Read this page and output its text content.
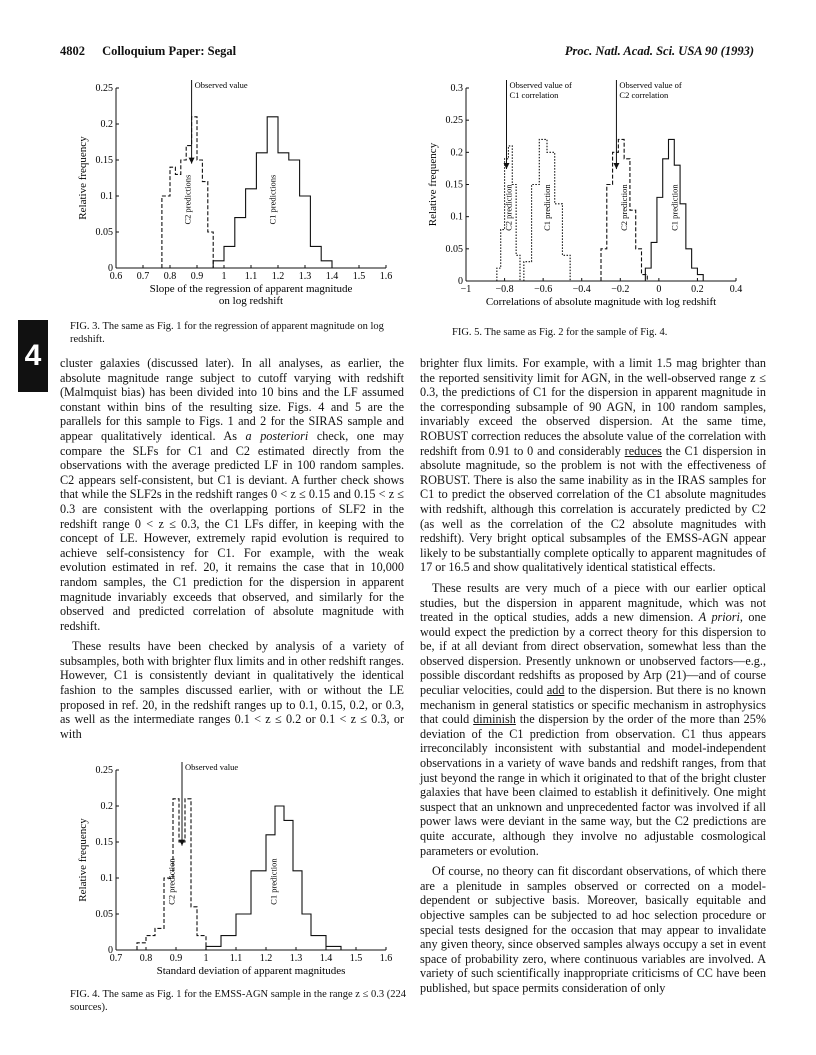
4802 Colloquium Paper: Segal	Proc. Natl. Acad. Sci. USA 90 (1993)
4
0.6 0.7 0.8 0.9 1 1.1 1.2 1.3 1.4 1.5 1.6
0
0.05
0.1
0.15
0.2
0.25
Relative frequency
Slope of the regression of apparent magnitude
on log redshift
C2 predictions	C1 predictions
Observed value
FIG. 3. The same as Fig. 1 for the regression of apparent magnitude on log redshift.
−1 −0.8 −0.6 −0.4 −0.2	0	0.2	0.4
0
0.05
0.1
0.15
0.2
0.25
0.3
Relative frequency
Correlations of absolute magnitude with log redshift
C2 prediction	C1 prediction	C2 prediction	C1 prediction
Observed value of
C1 correlation
Observed value of
C2 correlation
FIG. 5. The same as Fig. 2 for the sample of Fig. 4.
0.7 0.8 0.9 1 1.1 1.2 1.3 1.4 1.5 1.6
0
0.05
0.1
0.15
0.2
0.25
Relative frequency
Standard deviation of apparent magnitudes
C2 prediction	C1 prediction
Observed value
FIG. 4. The same as Fig. 1 for the EMSS-AGN sample in the range z ≤ 0.3 (224 sources).

cluster galaxies (discussed later). In all analyses, as earlier, the absolute magnitude range subject to cutoff varying with redshift (Malmquist bias) has been divided into 10 bins and the LF assumed constant within bins of the resulting size. Figs. 4 and 5 are the parallels for this sample to Figs. 1 and 2 for the SIRAS sample and appear qualitatively identical. As a posteriori check, one may compare the SLFs for C1 and C2 estimated directly from the observations with the average predicted LF in 100 random samples. C2 appears self-consistent, but C1 is deviant. A further check shows that while the SLF2s in the redshift ranges 0 < z ≤ 0.15 and 0.15 < z ≤ 0.3 are consistent with the overlapping portions of SLF2 in the redshift range 0 < z ≤ 0.3, the C1 LFs differ, in keeping with the concept of LE. However, extremely rapid evolution is required to achieve self-consistency for C1. For example, with the weak evolution estimated in ref. 20, it remains the case that in 10,000 random samples, the C1 prediction for the dispersion in apparent magnitude invariably exceeds that observed, and similarly for the observed and predicted correlation of absolute magnitude with redshift.

These results have been checked by analysis of a variety of subsamples, both with brighter flux limits and in other redshift ranges. However, C1 is consistently deviant in qualitatively the identical fashion to the samples discussed earlier, with or without the LE proposed in ref. 20, in the redshift ranges up to 0.1, 0.15, 0.2, or 0.3, as well as the intermediate ranges 0.1 < z ≤ 0.2 or 0.1 < z ≤ 0.3, or with

brighter flux limits. For example, with a limit 1.5 mag brighter than the reported sensitivity limit for AGN, in the well-observed range z ≤ 0.3, the predictions of C1 for the dispersion in apparent magnitude in the corresponding subsample of 90 AGN, in 100 random samples, invariably exceed the observed dispersion. At the same time, ROBUST correction reduces the absolute value of the correlation with redshift from 0.91 to 0 and considerably reduces the C1 dispersion in absolute magnitude, so the problem is not with the effectiveness of ROBUST. There is also the same inability as in the IRAS samples for C1 to predict the observed correlation of the C1 absolute magnitudes with redshift, although this correlation is accurately predicted by C2 (as well as the correlation of the C2 absolute magnitudes with redshift). Very bright optical subsamples of the EMSS-AGN appear likely to be substantially complete optically to apparent magnitudes of 17 or 16.5 and show qualitatively identical statistical effects.

These results are very much of a piece with our earlier optical studies, but the dispersion in apparent magnitude, which was not treated in the optical studies, adds a new dimension. A priori, one would expect the prediction by a correct theory for this dispersion to be, if at all deviant from direct observation, somewhat less than the observed dispersion. Presently unknown or unobserved factors—e.g., possible discordant redshifts as proposed by Arp (21)—and of course peculiar velocities, could add to the dispersion. But there is no known mechanism in general statistics or specific mechanism in astrophysics that could diminish the dispersion by the order of the more than 25% deviation of the C1 prediction from observation. C1 thus appears irreconcilably inconsistent with substantial and model-independent observations in a variety of wave bands and redshift ranges, from that just beyond the range in which it originated to that of the bright cluster galaxies that have been claimed to establish it definitively. One might suspect that an unknown and unprecedented factor was involved if all power laws were deviant in the same way, but the C2 predictions are quite accurate, although they involve no adjustable cosmological parameters or evolution.

Of course, no theory can fit discordant observations, of which there are a plenitude in samples observed or corrected on a model-dependent or subjective basis. Moreover, basically equitable and objective samples can be subjected to ad hoc selection procedure or special tests designed for the occasion that may appear to invalidate any given theory, since observed samples always occupy a set in event space of probability zero, where continuous variables are involved. A variety of such scientifically inappropriate criticisms of CC have been published, but space permits consideration of only
